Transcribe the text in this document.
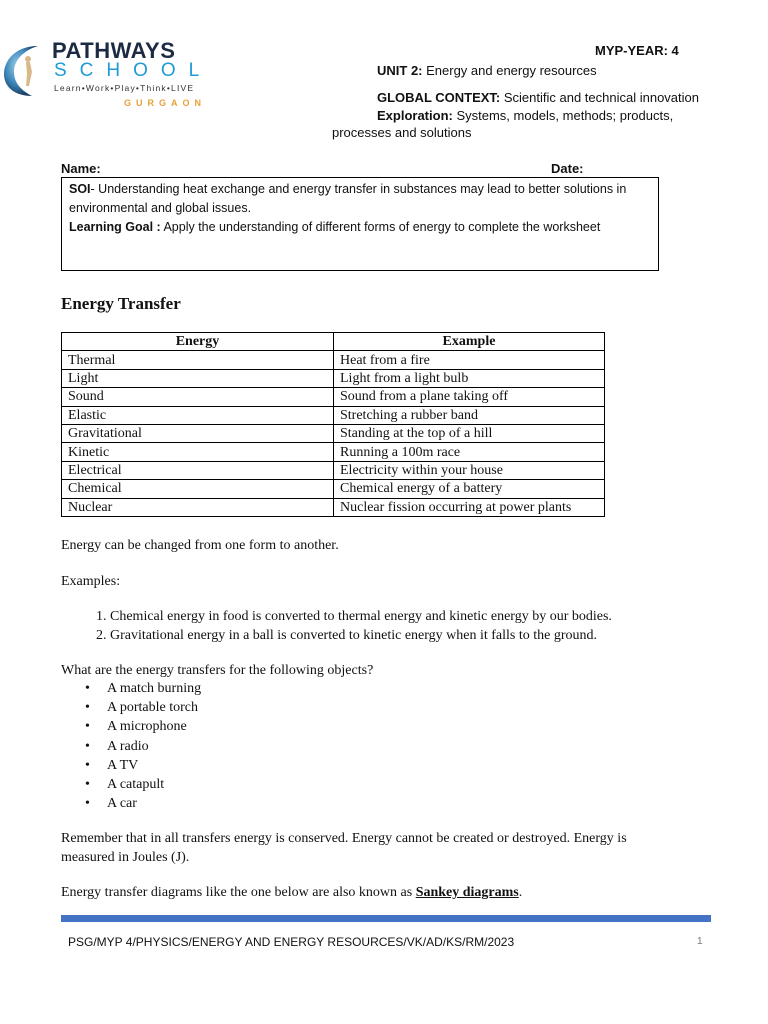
PATHWAYS
SCHOOL
Learn•Work•Play•Think•LIVE
GURGAON
MYP-YEAR: 4
UNIT 2: Energy and energy resources
GLOBAL CONTEXT: Scientific and technical innovation
Exploration: Systems, models, methods; products,
processes and solutions
Name:	Date:
SOI- Understanding heat exchange and energy transfer in substances may lead to better solutions in environmental and global issues.
Learning Goal : Apply the understanding of different forms of energy to complete the worksheet
Energy Transfer
Energy	Example
Thermal	Heat from a fire
Light	Light from a light bulb
Sound	Sound from a plane taking off
Elastic	Stretching a rubber band
Gravitational	Standing at the top of a hill
Kinetic	Running a 100m race
Electrical	Electricity within your house
Chemical	Chemical energy of a battery
Nuclear	Nuclear fission occurring at power plants
Energy can be changed from one form to another.
Examples:
1. Chemical energy in food is converted to thermal energy and kinetic energy by our bodies.
2. Gravitational energy in a ball is converted to kinetic energy when it falls to the ground.
What are the energy transfers for the following objects?
• A match burning
• A portable torch
• A microphone
• A radio
• A TV
• A catapult
• A car
Remember that in all transfers energy is conserved. Energy cannot be created or destroyed. Energy is
measured in Joules (J).
Energy transfer diagrams like the one below are also known as Sankey diagrams.
PSG/MYP 4/PHYSICS/ENERGY AND ENERGY RESOURCES/VK/AD/KS/RM/2023	1
